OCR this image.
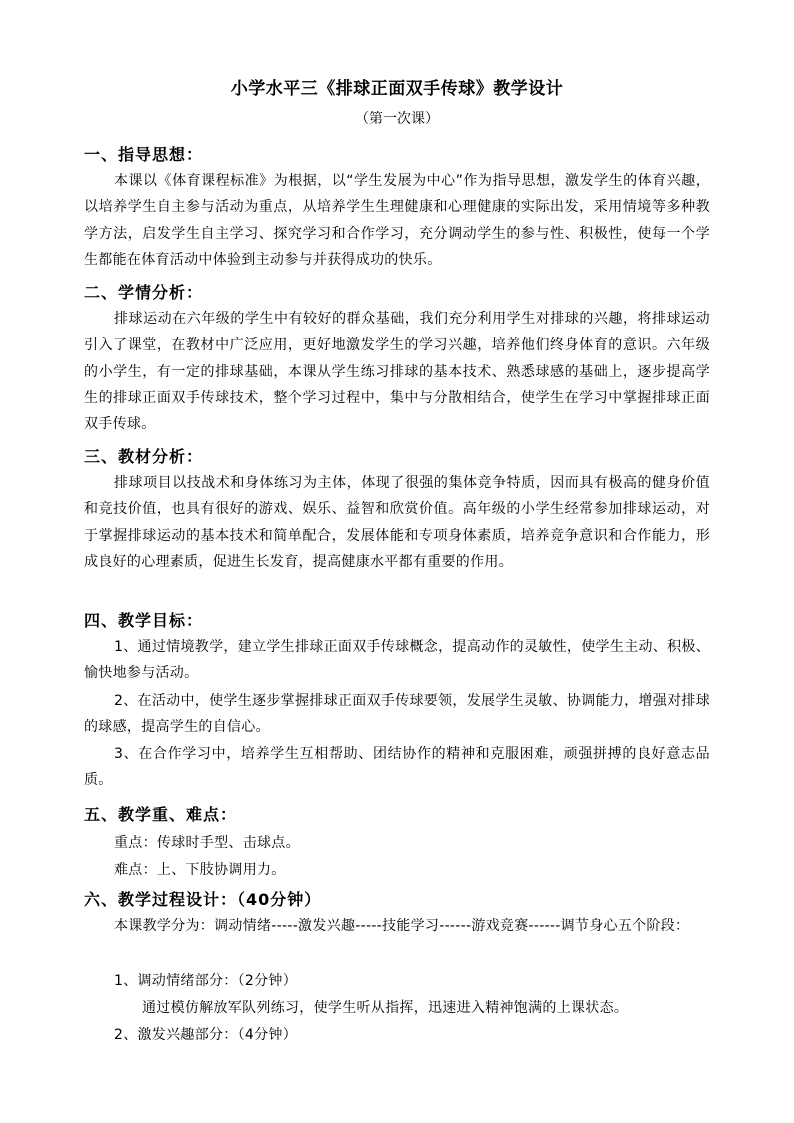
小学水平三《排球正面双手传球》教学设计
（第一次课）
一、指导思想：
本课以《体育课程标准》为根据，以“学生发展为中心”作为指导思想，激发学生的体育兴趣，以培养学生自主参与活动为重点，从培养学生生理健康和心理健康的实际出发，采用情境等多种教学方法，启发学生自主学习、探究学习和合作学习，充分调动学生的参与性、积极性，使每一个学生都能在体育活动中体验到主动参与并获得成功的快乐。
二、学情分析：
排球运动在六年级的学生中有较好的群众基础，我们充分利用学生对排球的兴趣，将排球运动引入了课堂，在教材中广泛应用，更好地激发学生的学习兴趣，培养他们终身体育的意识。六年级的小学生，有一定的排球基础，本课从学生练习排球的基本技术、熟悉球感的基础上，逐步提高学生的排球正面双手传球技术，整个学习过程中，集中与分散相结合，使学生在学习中掌握排球正面双手传球。
三、教材分析：
排球项目以技战术和身体练习为主体，体现了很强的集体竞争特质，因而具有极高的健身价值和竞技价值，也具有很好的游戏、娱乐、益智和欣赏价值。高年级的小学生经常参加排球运动，对于掌握排球运动的基本技术和简单配合，发展体能和专项身体素质，培养竞争意识和合作能力，形成良好的心理素质，促进生长发育，提高健康水平都有重要的作用。
四、教学目标：
1、通过情境教学，建立学生排球正面双手传球概念，提高动作的灵敏性，使学生主动、积极、愉快地参与活动。
2、在活动中，使学生逐步掌握排球正面双手传球要领，发展学生灵敏、协调能力，增强对排球的球感，提高学生的自信心。
3、在合作学习中，培养学生互相帮助、团结协作的精神和克服困难，顽强拼搏的良好意志品质。
五、教学重、难点：
重点：传球时手型、击球点。
难点：上、下肢协调用力。
六、教学过程设计：（40分钟）
本课教学分为：调动情绪-----激发兴趣-----技能学习------游戏竞赛------调节身心五个阶段：
1、调动情绪部分：（2分钟）
通过模仿解放军队列练习，使学生听从指挥，迅速进入精神饱满的上课状态。
2、激发兴趣部分：（4分钟）
